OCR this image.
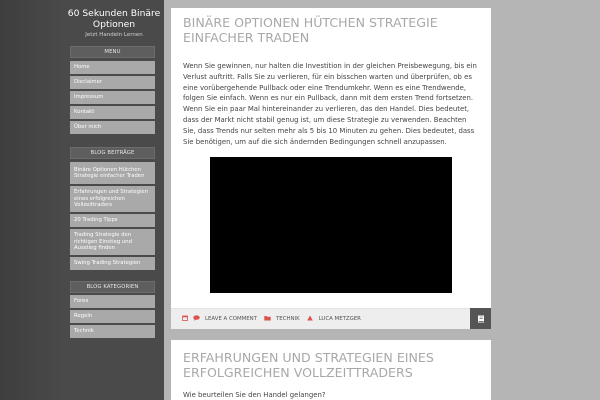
60 Sekunden Binäre
Optionen
Jetzt Handeln Lernen
MENU
Home
Disclaimer
Impressum
Kontakt
Über mich
BLOG BEITRÄGE
Binäre Optionen Hütchen Strategie einfacher Traden
Erfahrungen und Strategien eines erfolgreichen Vollzeittraders
20 Trading Tipps
Trading Strategie den richtigen Einstieg und Ausstieg finden
Swing Trading Strategien
BLOG KATEGORIEN
Forex
Regeln
Technik
BINÄRE OPTIONEN HÜTCHEN STRATEGIE
EINFACHER TRADEN
Wenn Sie gewinnen, nur halten die Investition in der gleichen Preisbewegung, bis ein
Verlust auftritt. Falls Sie zu verlieren, für ein bisschen warten und überprüfen, ob es
eine vorübergehende Pullback oder eine Trendumkehr. Wenn es eine Trendwende,
folgen Sie einfach. Wenn es nur ein Pullback, dann mit dem ersten Trend fortsetzen.
Wenn Sie ein paar Mal hintereinander zu verlieren, das den Handel. Dies bedeutet,
dass der Markt nicht stabil genug ist, um diese Strategie zu verwenden. Beachten
Sie, dass Trends nur selten mehr als 5 bis 10 Minuten zu gehen. Dies bedeutet, dass
Sie benötigen, um auf die sich ändernden Bedingungen schnell anzupassen.
LEAVE A COMMENT	TECHNIK	LUCA METZGER
ERFAHRUNGEN UND STRATEGIEN EINES
ERFOLGREICHEN VOLLZEITTRADERS
Wie beurteilen Sie den Handel gelangen?
